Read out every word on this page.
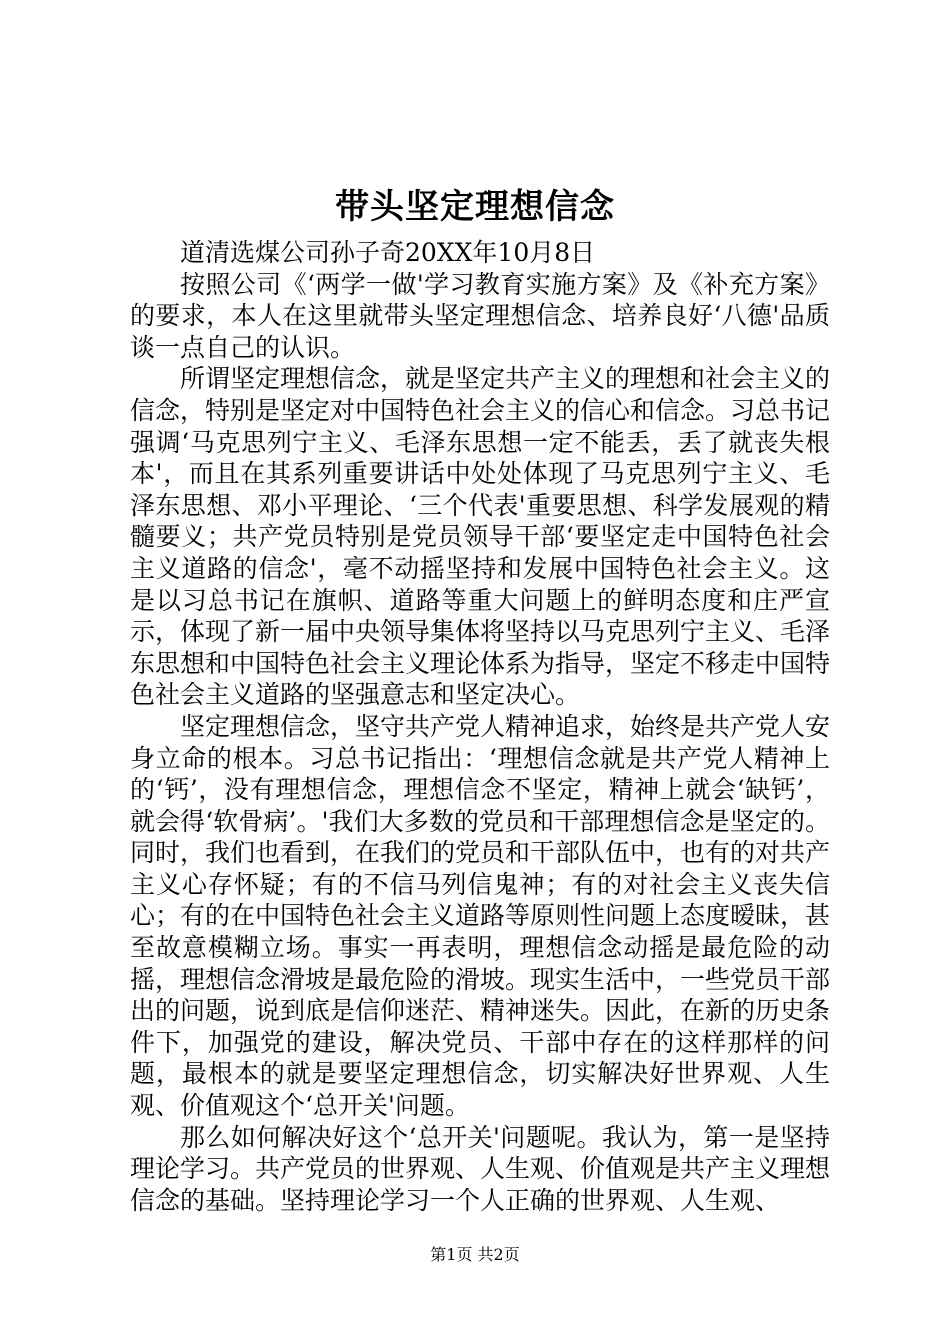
带头坚定理想信念

道清选煤公司孙子奇20XX年10月8日

按照公司《‘两学一做'学习教育实施方案》及《补充方案》的要求，本人在这里就带头坚定理想信念、培养良好‘八德'品质谈一点自己的认识。

所谓坚定理想信念，就是坚定共产主义的理想和社会主义的信念，特别是坚定对中国特色社会主义的信心和信念。习总书记强调‘马克思列宁主义、毛泽东思想一定不能丢，丢了就丧失根本'，而且在其系列重要讲话中处处体现了马克思列宁主义、毛泽东思想、邓小平理论、‘三个代表'重要思想、科学发展观的精髓要义；共产党员特别是党员领导干部‘要坚定走中国特色社会主义道路的信念'，毫不动摇坚持和发展中国特色社会主义。这是以习总书记在旗帜、道路等重大问题上的鲜明态度和庄严宣示，体现了新一届中央领导集体将坚持以马克思列宁主义、毛泽东思想和中国特色社会主义理论体系为指导，坚定不移走中国特色社会主义道路的坚强意志和坚定决心。

坚定理想信念，坚守共产党人精神追求，始终是共产党人安身立命的根本。习总书记指出：‘理想信念就是共产党人精神上的‘钙’，没有理想信念，理想信念不坚定，精神上就会‘缺钙’，就会得‘软骨病’。'我们大多数的党员和干部理想信念是坚定的。同时，我们也看到，在我们的党员和干部队伍中，也有的对共产主义心存怀疑；有的不信马列信鬼神；有的对社会主义丧失信心；有的在中国特色社会主义道路等原则性问题上态度暧昧，甚至故意模糊立场。事实一再表明，理想信念动摇是最危险的动摇，理想信念滑坡是最危险的滑坡。现实生活中，一些党员干部出的问题，说到底是信仰迷茫、精神迷失。因此，在新的历史条件下，加强党的建设，解决党员、干部中存在的这样那样的问题，最根本的就是要坚定理想信念，切实解决好世界观、人生观、价值观这个‘总开关'问题。

那么如何解决好这个‘总开关'问题呢。我认为，第一是坚持理论学习。共产党员的世界观、人生观、价值观是共产主义理想信念的基础。坚持理论学习一个人正确的世界观、人生观、

第1页 共2页
